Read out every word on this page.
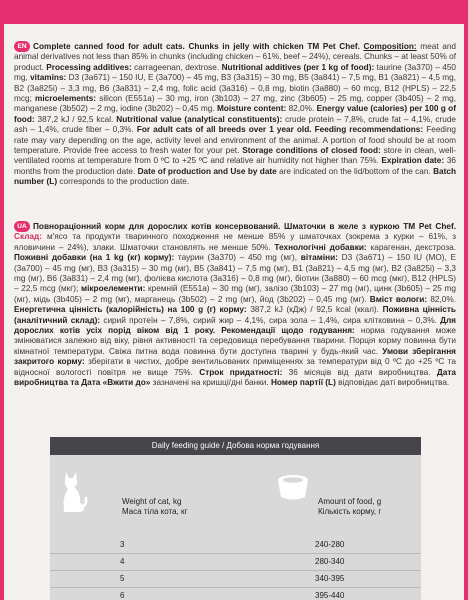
EN Complete canned food for adult cats. Chunks in jelly with chicken TM Pet Chef. Composition: meat and animal derivatives not less than 85% in chunks (including chicken – 61%, beef – 24%), cereals. Chunks – at least 50% of product. Processing additives: carrageenan, dextrose. Nutritional additives (per 1 kg of food): taurine (3a370) – 450 mg, vitamins: D3 (3a671) – 150 IU, E (3a700) – 45 mg, B3 (3a315) – 30 mg, B5 (3a841) – 7,5 mg, B1 (3a821) – 4,5 mg, B2 (3a825i) – 3,3 mg, B6 (3a831) – 2,4 mg, folic acid (3a316) – 0,8 mg, biotin (3a880) – 60 mcg, B12 (HPLS) – 22,5 mcg; microelements: silicon (E551a) – 30 mg, iron (3b103) – 27 mg, zinc (3b605) – 25 mg, copper (3b405) – 2 mg, manganese (3b502) – 2 mg, iodine (3b202) – 0,45 mg. Moisture content: 82,0%. Energy value (calories) per 100 g of food: 387,2 kJ / 92,5 kcal. Nutritional value (analytical constituents): crude protein – 7,8%, crude fat – 4,1%, crude ash – 1,4%, crude fiber – 0,3%. For adult cats of all breeds over 1 year old. Feeding recommendations: Feeding rate may vary depending on the age, activity level and environment of the animal. A portion of food should be at room temperature. Provide free access to fresh water for your pet. Storage conditions of closed food: store in clean, well-ventilated rooms at temperature from 0 ºC to +25 ºC and relative air humidity not higher than 75%. Expiration date: 36 months from the production date. Date of production and Use by date are indicated on the lid/bottom of the can. Batch number (L) corresponds to the production date.

UA Повнораціонний корм для дорослих котів консервований. Шматочки в желе з куркою TM Pet Chef. Склад: м'ясо та продукти тваринного походження не менше 85% у шматочках (зокрема з курки – 61%, з яловичини – 24%), злаки. Шматочки становлять не менше 50%. Технологічні добавки: карагенан, декстроза. Поживні добавки (на 1 kg (кг) корму): таурин (3a370) – 450 mg (мг), вітаміни: D3 (3a671) – 150 IU (МО), E (3a700) – 45 mg (мг), B3 (3a315) – 30 mg (мг), B5 (3a841) – 7,5 mg (мг), B1 (3a821) – 4,5 mg (мг), B2 (3a825i) – 3,3 mg (мг), B6 (3a831) – 2,4 mg (мг), фолієва кислота (3a316) – 0,8 mg (мг), біотин (3a880) – 60 mcg (мкг), B12 (HPLS) – 22,5 mcg (мкг); мікроелементи: кремній (E551a) – 30 mg (мг), залізо (3b103) – 27 mg (мг), цинк (3b605) – 25 mg (мг), мідь (3b405) – 2 mg (мг), марганець (3b502) – 2 mg (мг), йод (3b202) – 0,45 mg (мг). Вміст вологи: 82,0%. Енергетична цінність (калорійність) на 100 g (г) корму: 387,2 kJ (кДж) / 92,5 kcal (ккал). Поживна цінність (аналітичний склад): сирий протеїн – 7,8%, сирий жир – 4,1%, сира зола – 1,4%, сира клітковина – 0,3%. Для дорослих котів усіх порід віком від 1 року. Рекомендації щодо годування: норма годування може змінюватися залежно від віку, рівня активності та середовища перебування тварини. Порція корму повинна бути кімнатної температури. Свіжа питна вода повинна бути доступна тварині у будь-який час. Умови зберігання закритого корму: зберігати в чистих, добре вентильованих приміщеннях за температури від 0 ºC до +25 ºC та відносної вологості повітря не вище 75%. Строк придатності: 36 місяців від дати виробництва. Дата виробництва та Дата «Вжити до» зазначені на кришці/дні банки. Номер партії (L) відповідає даті виробництва.

Daily feeding guide / Добова норма годування
Weight of cat, kg
Маса тіла кота, кг
Amount of food, g
Кількість корму, г
3	240-280
4	280-340
5	340-395
6	395-440
